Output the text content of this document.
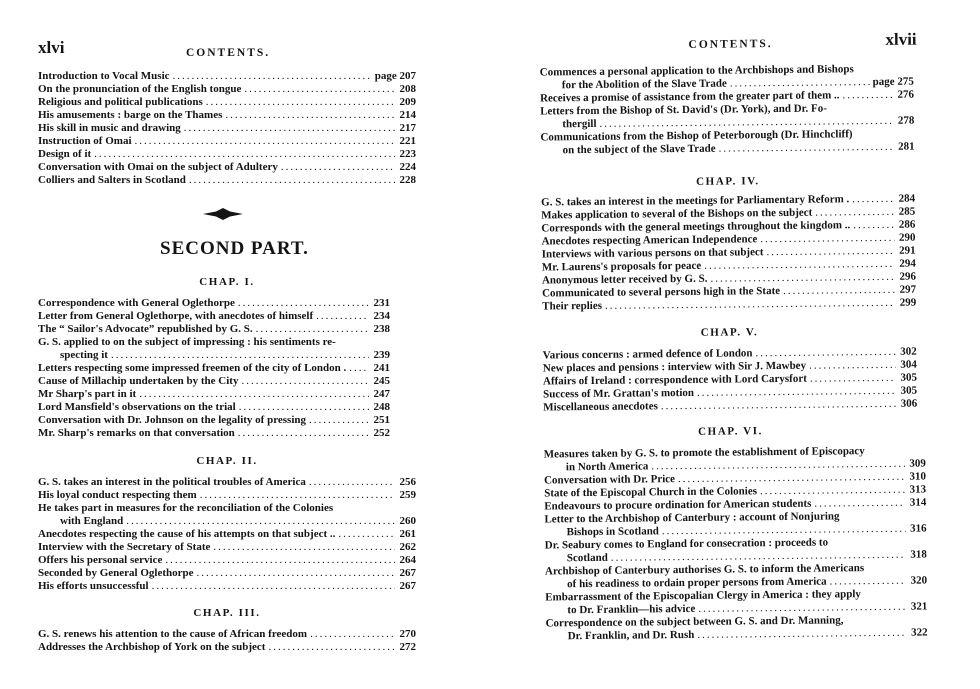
xlvi	CONTENTS.
Introduction to Vocal Music .....	page 207
On the pronunciation of the English tongue .....	208
Religious and political publications .....	209
His amusements : barge on the Thames .....	214
His skill in music and drawing .....	217
Instruction of Omai .....	221
Design of it .....	223
Conversation with Omai on the subject of Adultery .....	224
Colliers and Salters in Scotland .....	228
SECOND PART.
CHAP. I.
Correspondence with General Oglethorpe .....	231
Letter from General Oglethorpe, with anecdotes of himself .....	234
The “ Sailor's Advocate” republished by G. S. .....	238
G. S. applied to on the subject of impressing : his sentiments re-
specting it .....	239
Letters respecting some impressed freemen of the city of London . ..... 241
Cause of Millachip undertaken by the City .....	245
Mr Sharp's part in it .....	247
Lord Mansfield's observations on the trial .....	248
Conversation with Dr. Johnson on the legality of pressing .....	251
Mr. Sharp's remarks on that conversation .....	252
CHAP. II.
G. S. takes an interest in the political troubles of America .....	256
His loyal conduct respecting them .....	259
He takes part in measures for the reconciliation of the Colonies
with England .....	260
Anecdotes respecting the cause of his attempts on that subject .. .....	261
Interview with the Secretary of State .....	262
Offers his personal service .....	264
Seconded by General Oglethorpe .....	267
His efforts unsuccessful .....	267
CHAP. III.
G. S. renews his attention to the cause of African freedom .....	270
Addresses the Archbishop of York on the subject .....	272
CONTENTS.	xlvii
Commences a personal application to the Archbishops and Bishops
for the Abolition of the Slave Trade .....	page 275
Receives a promise of assistance from the greater part of them .. .....	276
Letters from the Bishop of St. David's (Dr. York), and Dr. Fo-
thergill .....	278
Communications from the Bishop of Peterborough (Dr. Hinchcliff)
on the subject of the Slave Trade .....	281
CHAP. IV.
G. S. takes an interest in the meetings for Parliamentary Reform . .....	284
Makes application to several of the Bishops on the subject .....	285
Corresponds with the general meetings throughout the kingdom .. .....	286
Anecdotes respecting American Independence .....	290
Interviews with various persons on that subject .....	291
Mr. Laurens's proposals for peace .....	294
Anonymous letter received by G. S. .....	296
Communicated to several persons high in the State .....	297
Their replies .....	299
CHAP. V.
Various concerns : armed defence of London .....	302
New places and pensions : interview with Sir J. Mawbey .....	304
Affairs of Ireland : correspondence with Lord Carysfort .....	305
Success of Mr. Grattan's motion .....	305
Miscellaneous anecdotes .....	306
CHAP. VI.
Measures taken by G. S. to promote the establishment of Episcopacy
in North America .....	309
Conversation with Dr. Price .....	310
State of the Episcopal Church in the Colonies .....	313
Endeavours to procure ordination for American students .....	314
Letter to the Archbishop of Canterbury : account of Nonjuring
Bishops in Scotland .....	316
Dr. Seabury comes to England for consecration : proceeds to
Scotland .....	318
Archbishop of Canterbury authorises G. S. to inform the Americans
of his readiness to ordain proper persons from America .....	320
Embarrassment of the Episcopalian Clergy in America : they apply
to Dr. Franklin—his advice .....	321
Correspondence on the subject between G. S. and Dr. Manning,
Dr. Franklin, and Dr. Rush .....	322
